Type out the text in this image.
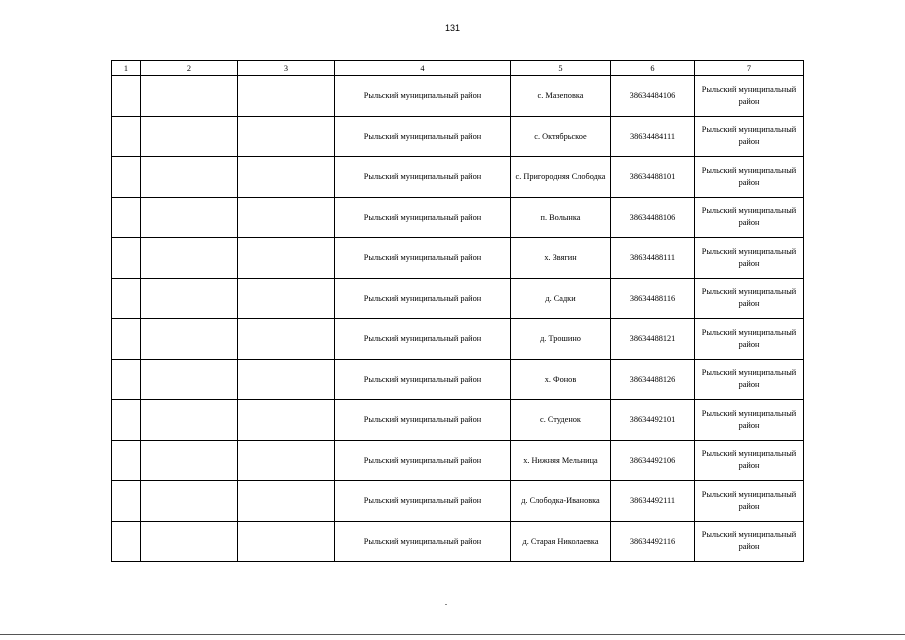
131
1	2	3	4	5	6	7
			Рыльский муниципальный район	с. Мазеповка	38634484106	Рыльский муниципальный район
			Рыльский муниципальный район	с. Октябрьское	38634484111	Рыльский муниципальный район
			Рыльский муниципальный район	с. Пригородняя Слободка	38634488101	Рыльский муниципальный район
			Рыльский муниципальный район	п. Волынка	38634488106	Рыльский муниципальный район
			Рыльский муниципальный район	х. Звягин	38634488111	Рыльский муниципальный район
			Рыльский муниципальный район	д. Садки	38634488116	Рыльский муниципальный район
			Рыльский муниципальный район	д. Трошино	38634488121	Рыльский муниципальный район
			Рыльский муниципальный район	х. Фонов	38634488126	Рыльский муниципальный район
			Рыльский муниципальный район	с. Студенок	38634492101	Рыльский муниципальный район
			Рыльский муниципальный район	х. Нижняя Мельница	38634492106	Рыльский муниципальный район
			Рыльский муниципальный район	д. Слободка-Ивановка	38634492111	Рыльский муниципальный район
			Рыльский муниципальный район	д. Старая Николаевка	38634492116	Рыльский муниципальный район
